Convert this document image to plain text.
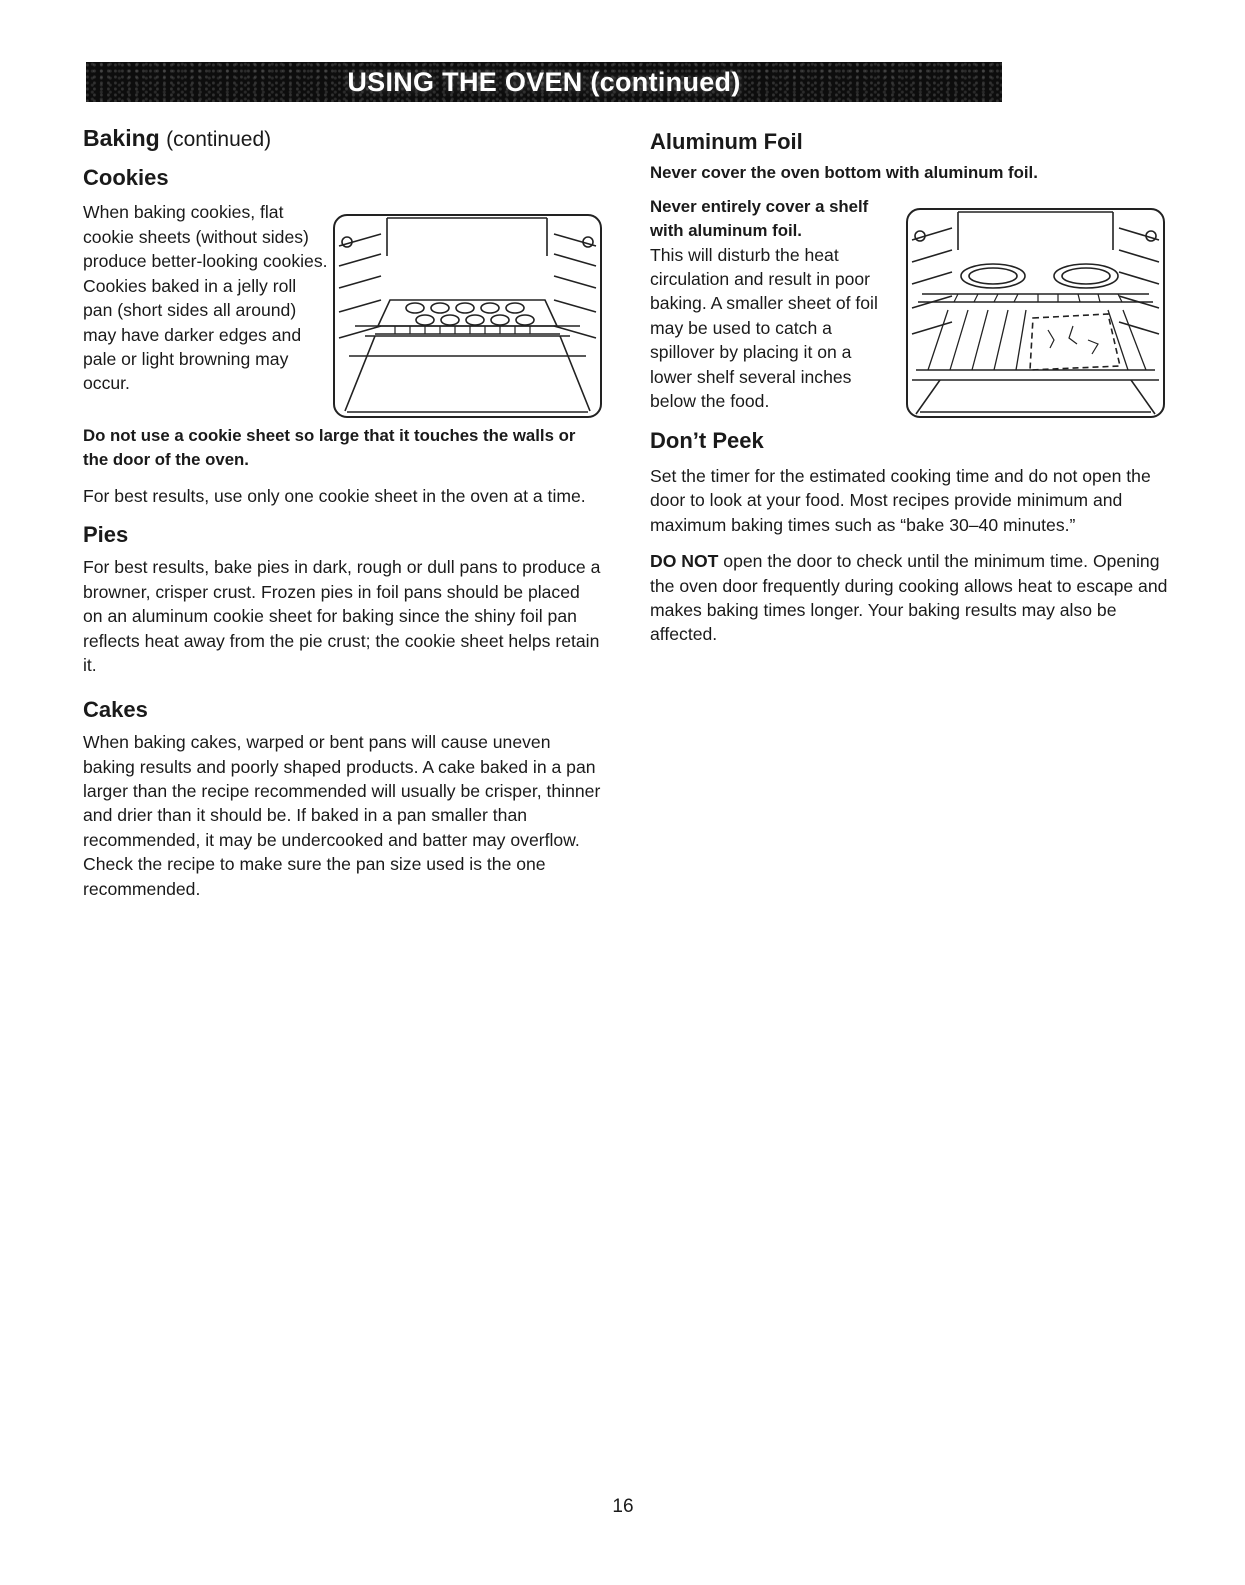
USING THE OVEN (continued)
Baking (continued)
Cookies

When baking cookies, flat cookie sheets (without sides) produce better-looking cookies. Cookies baked in a jelly roll pan (short sides all around) may have darker edges and pale or light browning may occur.

Do not use a cookie sheet so large that it touches the walls or the door of the oven.

For best results, use only one cookie sheet in the oven at a time.

Pies

For best results, bake pies in dark, rough or dull pans to produce a browner, crisper crust. Frozen pies in foil pans should be placed on an aluminum cookie sheet for baking since the shiny foil pan reflects heat away from the pie crust; the cookie sheet helps retain it.

Cakes

When baking cakes, warped or bent pans will cause uneven baking results and poorly shaped products. A cake baked in a pan larger than the recipe recommended will usually be crisper, thinner and drier than it should be. If baked in a pan smaller than recommended, it may be undercooked and batter may overflow. Check the recipe to make sure the pan size used is the one recommended.

Aluminum Foil

Never cover the oven bottom with aluminum foil.

Never entirely cover a shelf with aluminum foil.

This will disturb the heat circulation and result in poor baking. A smaller sheet of foil may be used to catch a spillover by placing it on a lower shelf several inches below the food.

Don’t Peek

Set the timer for the estimated cooking time and do not open the door to look at your food. Most recipes provide minimum and maximum baking times such as “bake 30–40 minutes.”

DO NOT open the door to check until the minimum time. Opening the oven door frequently during cooking allows heat to escape and makes baking times longer. Your baking results may also be affected.

16
